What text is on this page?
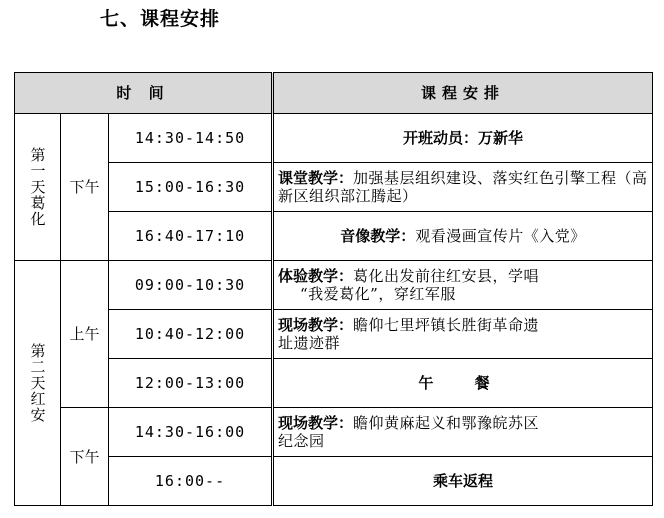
七、课程安排
时 间			课程安排

第一天葛化	下午	14:30-14:50	开班动员：万新华
		15:00-16:30	课堂教学：加强基层组织建设、落实红色引擎工程（高新区组织部江腾起）
		16:40-17:10	音像教学：观看漫画宣传片《入党》

第二天红安	上午	09:00-10:30	体验教学：葛化出发前往红安县，学唱
“我爱葛化”，穿红军服
		10:40-12:00	现场教学：瞻仰七里坪镇长胜街革命遗
址遗迹群
		12:00-13:00	午 餐
	下午	14:30-16:00	现场教学：瞻仰黄麻起义和鄂豫皖苏区
纪念园
		16:00--	乘车返程
